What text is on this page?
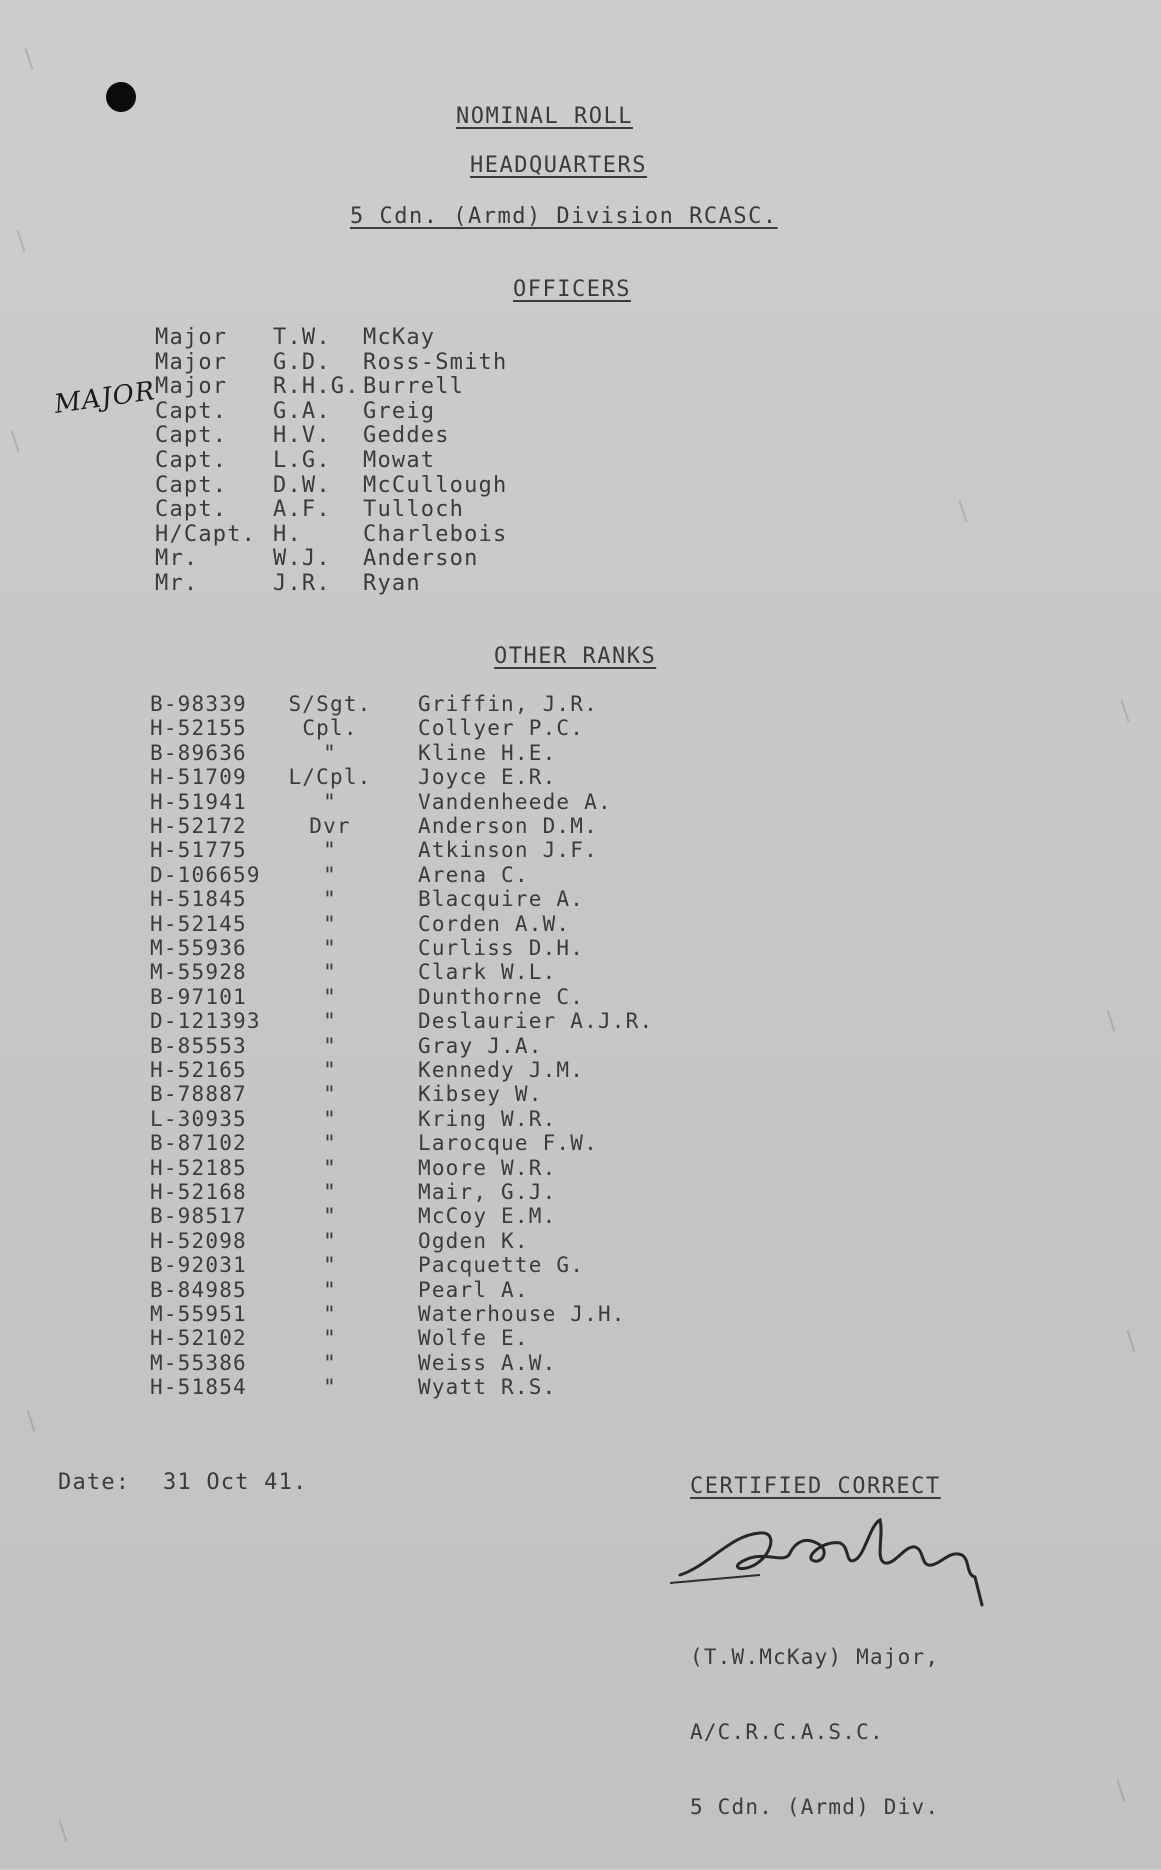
NOMINAL ROLL
HEADQUARTERS
5 Cdn. (Armd) Division RCASC.
OFFICERS
MAJOR
Major T.W. McKay
Major G.D. Ross-Smith
Major R.H.G. Burrell
Capt. G.A. Greig
Capt. H.V. Geddes
Capt. L.G. Mowat
Capt. D.W. McCullough
Capt. A.F. Tulloch
H/Capt. H.	Charlebois
Mr.	W.J. Anderson
Mr.	J.R. Ryan
OTHER RANKS
B-98339	S/Sgt.	Griffin, J.R.
H-52155	Cpl.	Collyer P.C.
B-89636	"	Kline H.E.
H-51709	L/Cpl.	Joyce E.R.
H-51941	"	Vandenheede A.
H-52172	Dvr	Anderson D.M.
H-51775	"	Atkinson J.F.
D-106659	"	Arena C.
H-51845	"	Blacquire A.
H-52145	"	Corden A.W.
M-55936	"	Curliss D.H.
M-55928	"	Clark W.L.
B-97101	"	Dunthorne C.
D-121393	"	Deslaurier A.J.R.
B-85553	"	Gray J.A.
H-52165	"	Kennedy J.M.
B-78887	"	Kibsey W.
L-30935	"	Kring W.R.
B-87102	"	Larocque F.W.
H-52185	"	Moore W.R.
H-52168	"	Mair, G.J.
B-98517	"	McCoy E.M.
H-52098	"	Ogden K.
B-92031	"	Pacquette G.
B-84985	"	Pearl A.
M-55951	"	Waterhouse J.H.
H-52102	"	Wolfe E.
M-55386	"	Weiss A.W.
H-51854	"	Wyatt R.S.
Date: 31 Oct 41.	CERTIFIED CORRECT

(T.W.McKay) Major,

A/C.R.C.A.S.C.

5 Cdn. (Armd) Div.
